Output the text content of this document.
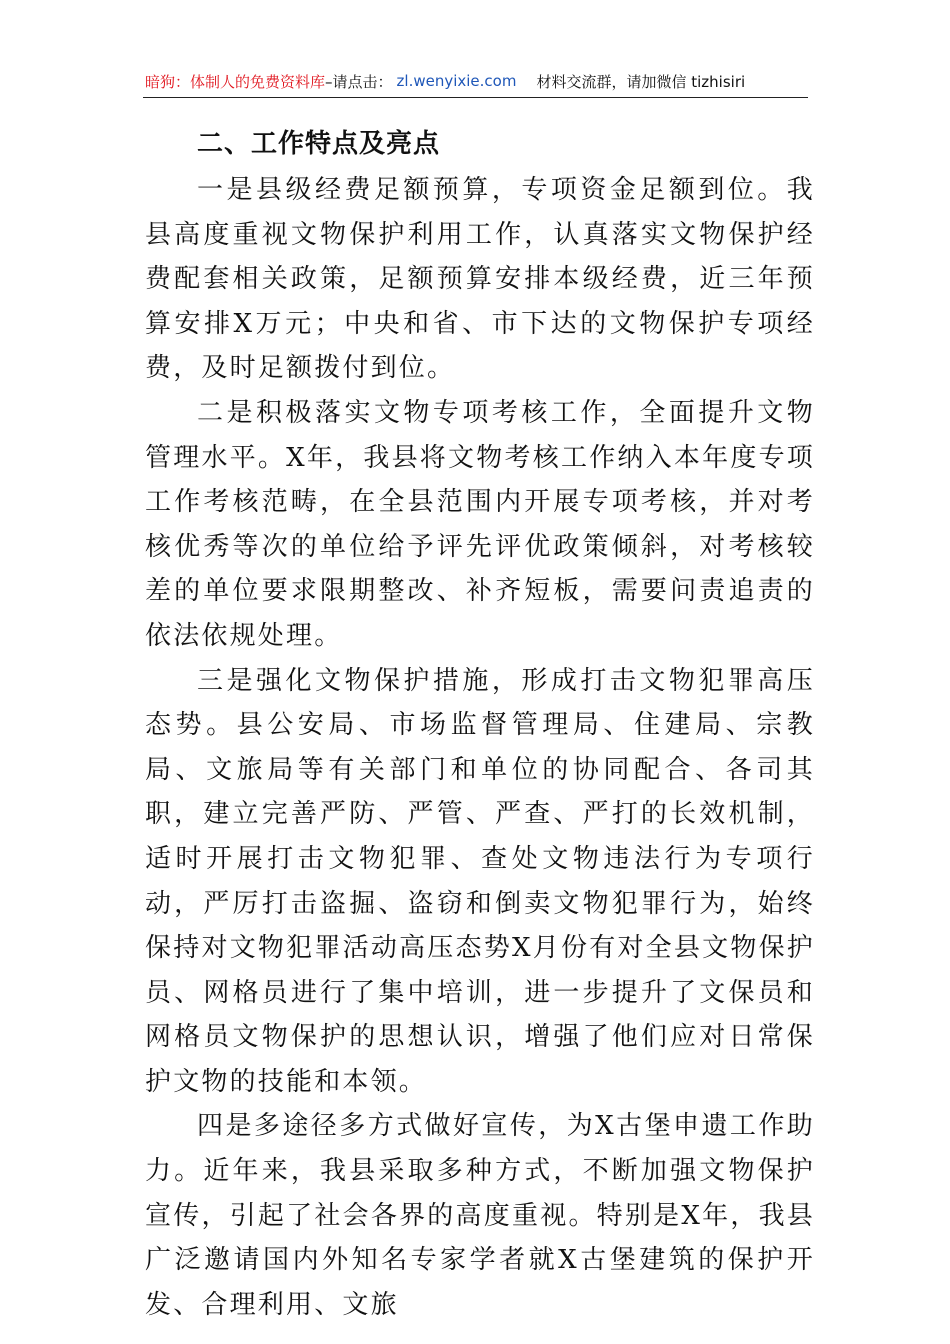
暗狗：体制人的免费资料库 –请点击： zl.wenyixie.com 材料交流群，请加微信 tizhisiri
二、工作特点及亮点

一是县级经费足额预算，专项资金足额到位。我县高度重视文物保护利用工作，认真落实文物保护经费配套相关政策，足额预算安排本级经费，近三年预算安排X万元；中央和省、市下达的文物保护专项经费，及时足额拨付到位。

二是积极落实文物专项考核工作，全面提升文物管理水平。X年，我县将文物考核工作纳入本年度专项工作考核范畴，在全县范围内开展专项考核，并对考核优秀等次的单位给予评先评优政策倾斜，对考核较差的单位要求限期整改、补齐短板，需要问责追责的依法依规处理。

三是强化文物保护措施，形成打击文物犯罪高压态势。县公安局、市场监督管理局、住建局、宗教局、文旅局等有关部门和单位的协同配合、各司其职，建立完善严防、严管、严查、严打的长效机制，适时开展打击文物犯罪、查处文物违法行为专项行动，严厉打击盗掘、盗窃和倒卖文物犯罪行为，始终保持对文物犯罪活动高压态势X月份有对全县文物保护员、网格员进行了集中培训，进一步提升了文保员和网格员文物保护的思想认识，增强了他们应对日常保护文物的技能和本领。

四是多途径多方式做好宣传，为X古堡申遗工作助力。近年来，我县采取多种方式，不断加强文物保护宣传，引起了社会各界的高度重视。特别是X年，我县广泛邀请国内外知名专家学者就X古堡建筑的保护开发、合理利用、文旅
